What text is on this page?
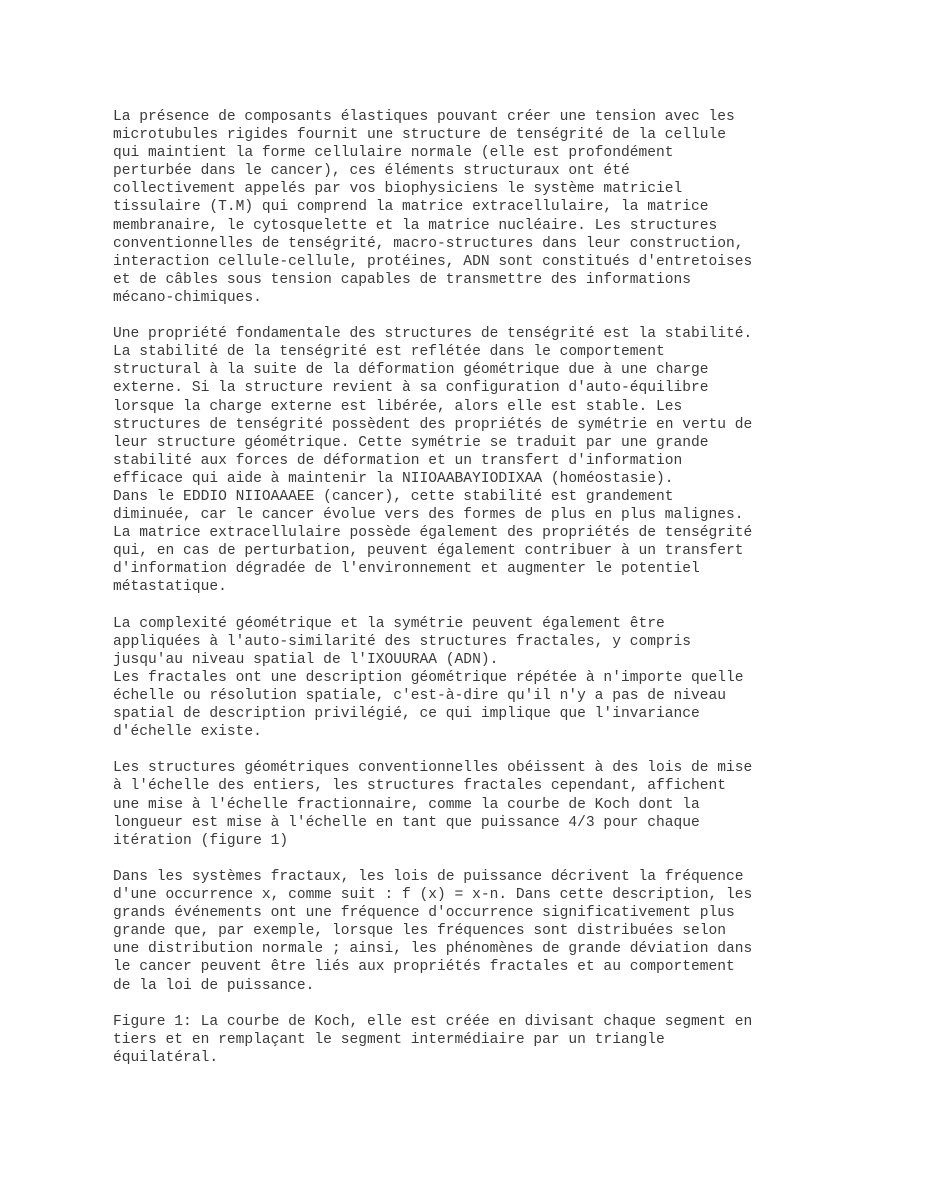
La présence de composants élastiques pouvant créer une tension avec les
microtubules rigides fournit une structure de tenségrité de la cellule
qui maintient la forme cellulaire normale (elle est profondément
perturbée dans le cancer), ces éléments structuraux ont été
collectivement appelés par vos biophysiciens le système matriciel
tissulaire (T.M) qui comprend la matrice extracellulaire, la matrice
membranaire, le cytosquelette et la matrice nucléaire. Les structures
conventionnelles de tenségrité, macro-structures dans leur construction,
interaction cellule-cellule, protéines, ADN sont constitués d'entretoises
et de câbles sous tension capables de transmettre des informations
mécano-chimiques.
Une propriété fondamentale des structures de tenségrité est la stabilité.
La stabilité de la tenségrité est reflétée dans le comportement
structural à la suite de la déformation géométrique due à une charge
externe. Si la structure revient à sa configuration d'auto-équilibre
lorsque la charge externe est libérée, alors elle est stable. Les
structures de tenségrité possèdent des propriétés de symétrie en vertu de
leur structure géométrique. Cette symétrie se traduit par une grande
stabilité aux forces de déformation et un transfert d'information
efficace qui aide à maintenir la NIIOAABAYIODIXAA (homéostasie).
Dans le EDDIO NIIOAAAEE (cancer), cette stabilité est grandement
diminuée, car le cancer évolue vers des formes de plus en plus malignes.
La matrice extracellulaire possède également des propriétés de tenségrité
qui, en cas de perturbation, peuvent également contribuer à un transfert
d'information dégradée de l'environnement et augmenter le potentiel
métastatique.
La complexité géométrique et la symétrie peuvent également être
appliquées à l'auto-similarité des structures fractales, y compris
jusqu'au niveau spatial de l'IXOUURAA (ADN).
Les fractales ont une description géométrique répétée à n'importe quelle
échelle ou résolution spatiale, c'est-à-dire qu'il n'y a pas de niveau
spatial de description privilégié, ce qui implique que l'invariance
d'échelle existe.
Les structures géométriques conventionnelles obéissent à des lois de mise
à l'échelle des entiers, les structures fractales cependant, affichent
une mise à l'échelle fractionnaire, comme la courbe de Koch dont la
longueur est mise à l'échelle en tant que puissance 4/3 pour chaque
itération (figure 1)
Dans les systèmes fractaux, les lois de puissance décrivent la fréquence
d'une occurrence x, comme suit : f (x) = x-n. Dans cette description, les
grands événements ont une fréquence d'occurrence significativement plus
grande que, par exemple, lorsque les fréquences sont distribuées selon
une distribution normale ; ainsi, les phénomènes de grande déviation dans
le cancer peuvent être liés aux propriétés fractales et au comportement
de la loi de puissance.
Figure 1: La courbe de Koch, elle est créée en divisant chaque segment en
tiers et en remplaçant le segment intermédiaire par un triangle
équilatéral.
